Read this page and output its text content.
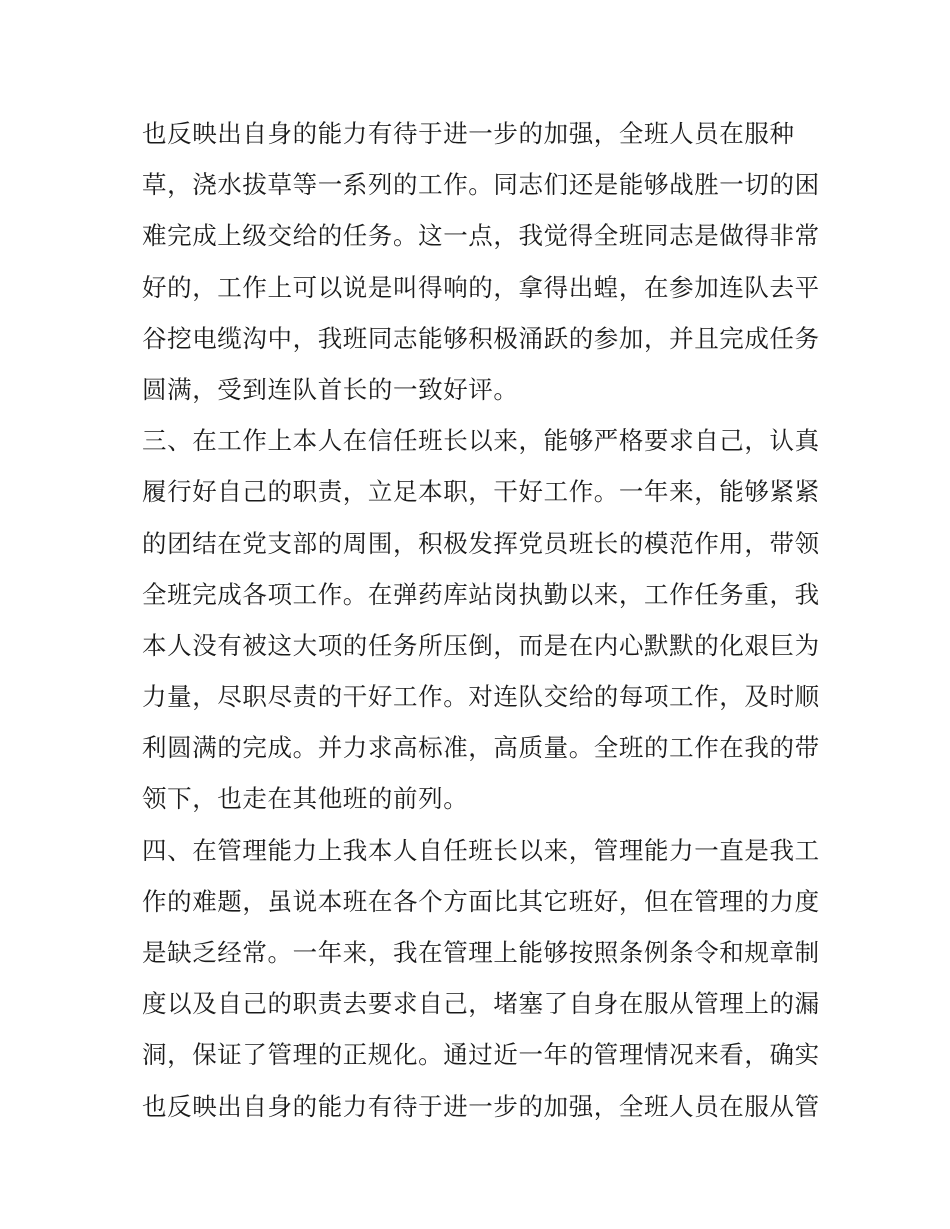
也反映出自身的能力有待于进一步的加强，全班人员在服种
草，浇水拔草等一系列的工作。同志们还是能够战胜一切的困
难完成上级交给的任务。这一点，我觉得全班同志是做得非常
好的，工作上可以说是叫得响的，拿得出蝗，在参加连队去平
谷挖电缆沟中，我班同志能够积极涌跃的参加，并且完成任务
圆满，受到连队首长的一致好评。
三、在工作上本人在信任班长以来，能够严格要求自己，认真
履行好自己的职责，立足本职，干好工作。一年来，能够紧紧
的团结在党支部的周围，积极发挥党员班长的模范作用，带领
全班完成各项工作。在弹药库站岗执勤以来，工作任务重，我
本人没有被这大项的任务所压倒，而是在内心默默的化艰巨为
力量，尽职尽责的干好工作。对连队交给的每项工作，及时顺
利圆满的完成。并力求高标准，高质量。全班的工作在我的带
领下，也走在其他班的前列。
四、在管理能力上我本人自任班长以来，管理能力一直是我工
作的难题，虽说本班在各个方面比其它班好，但在管理的力度
是缺乏经常。一年来，我在管理上能够按照条例条令和规章制
度以及自己的职责去要求自己，堵塞了自身在服从管理上的漏
洞，保证了管理的正规化。通过近一年的管理情况来看，确实
也反映出自身的能力有待于进一步的加强，全班人员在服从管
